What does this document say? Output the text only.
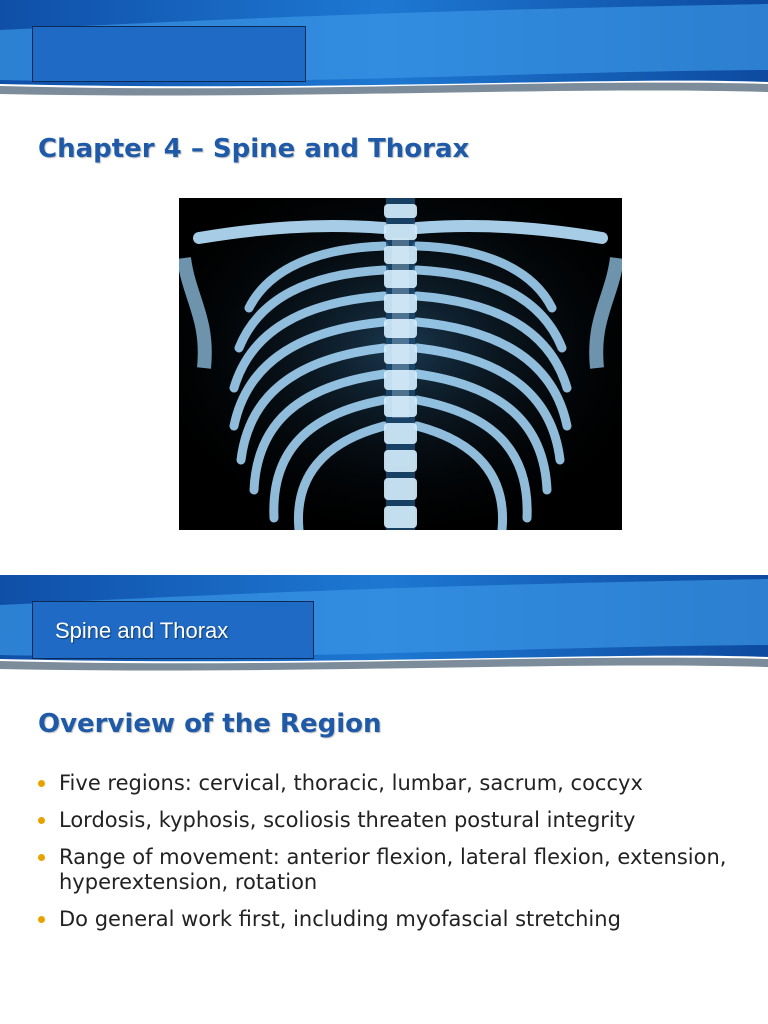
Chapter 4 – Spine and Thorax
Spine and Thorax
Overview of the Region
Five regions: cervical, thoracic, lumbar, sacrum, coccyx
Lordosis, kyphosis, scoliosis threaten postural integrity
Range of movement: anterior flexion, lateral flexion, extension, hyperextension, rotation
Do general work first, including myofascial stretching
